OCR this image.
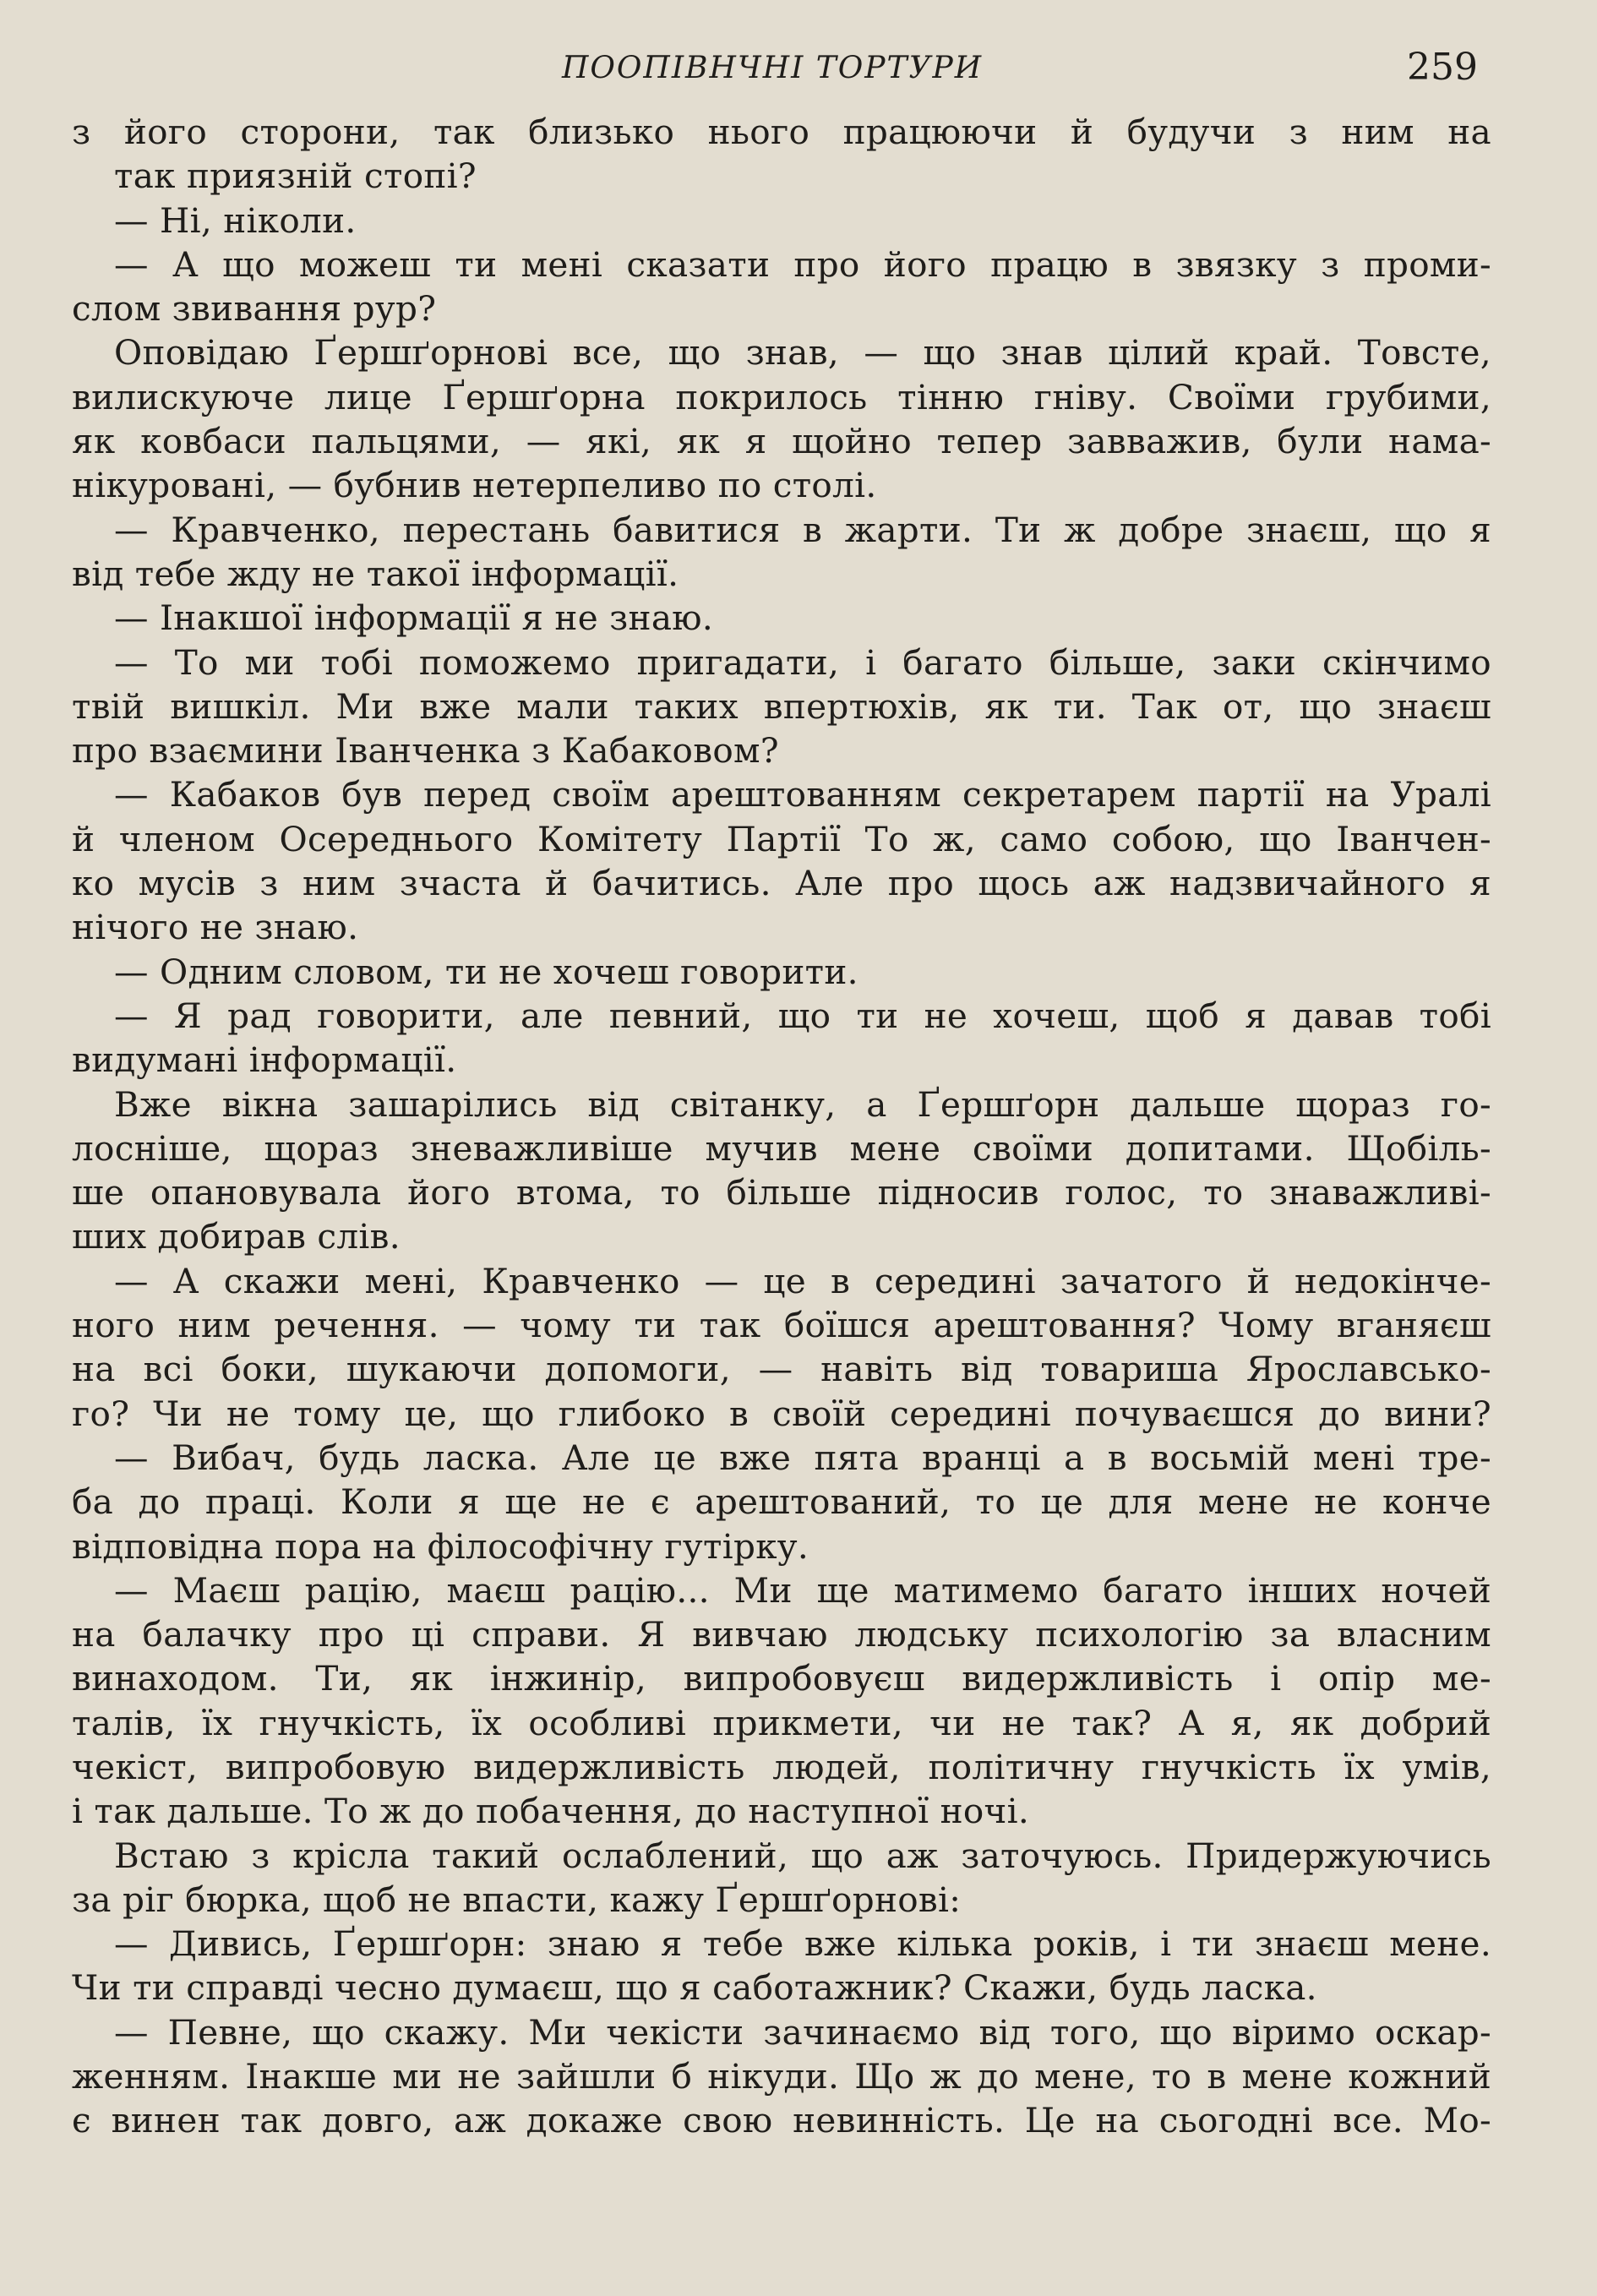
ПООПІВНЧНІ ТОРТУРИ	259
з його сторони, так близько нього працюючи й будучи з ним на
так приязній стопі?
— Ні, ніколи.
— А що можеш ти мені сказати про його працю в звязку з проми-
слом звивання рур?
Оповідаю Ґершґорнові все, що знав, — що знав цілий край. Товсте,
вилискуюче лице Ґершґорна покрилось тінню гніву. Своїми грубими,
як ковбаси пальцями, — які, як я щойно тепер завважив, були нама-
нікуровані, — бубнив нетерпеливо по столі.
— Кравченко, перестань бавитися в жарти. Ти ж добре знаєш, що я
від тебе жду не такої інформації.
— Інакшої інформації я не знаю.
— То ми тобі поможемо пригадати, і багато більше, заки скінчимо
твій вишкіл. Ми вже мали таких впертюхів, як ти. Так от, що знаєш
про взаємини Іванченка з Кабаковом?
— Кабаков був перед своїм арештованням секретарем партії на Уралі
й членом Осереднього Комітету Партії То ж, само собою, що Іванчен-
ко мусів з ним зчаста й бачитись. Але про щось аж надзвичайного я
нічого не знаю.
— Одним словом, ти не хочеш говорити.
— Я рад говорити, але певний, що ти не хочеш, щоб я давав тобі
видумані інформації.
Вже вікна зашарілись від світанку, а Ґершґорн дальше щораз го-
лосніше, щораз зневажливіше мучив мене своїми допитами. Щобіль-
ше опановувала його втома, то більше підносив голос, то знаважливі-
ших добирав слів.
— А скажи мені, Кравченко — це в середині зачатого й недокінче-
ного ним речення. — чому ти так боїшся арештовання? Чому вганяєш
на всі боки, шукаючи допомоги, — навіть від товариша Ярославсько-
го? Чи не тому це, що глибоко в своїй середині почуваєшся до вини?
— Вибач, будь ласка. Але це вже пята вранці а в восьмій мені тре-
ба до праці. Коли я ще не є арештований, то це для мене не конче
відповідна пора на філософічну гутірку.
— Маєш рацію, маєш рацію... Ми ще матимемо багато інших ночей
на балачку про ці справи. Я вивчаю людську психологію за власним
винаходом. Ти, як інжинір, випробовуєш видержливість і опір ме-
талів, їх гнучкість, їх особливі прикмети, чи не так? А я, як добрий
чекіст, випробовую видержливість людей, політичну гнучкість їх умів,
і так дальше. То ж до побачення, до наступної ночі.
Встаю з крісла такий ослаблений, що аж заточуюсь. Придержуючись
за ріг бюрка, щоб не впасти, кажу Ґершґорнові:
— Дивись, Ґершґорн: знаю я тебе вже кілька років, і ти знаєш мене.
Чи ти справді чесно думаєш, що я саботажник? Скажи, будь ласка.
— Певне, що скажу. Ми чекісти зачинаємо від того, що віримо оскар-
женням. Інакше ми не зайшли б нікуди. Що ж до мене, то в мене кожний
є винен так довго, аж докаже свою невинність. Це на сьогодні все. Мо-
